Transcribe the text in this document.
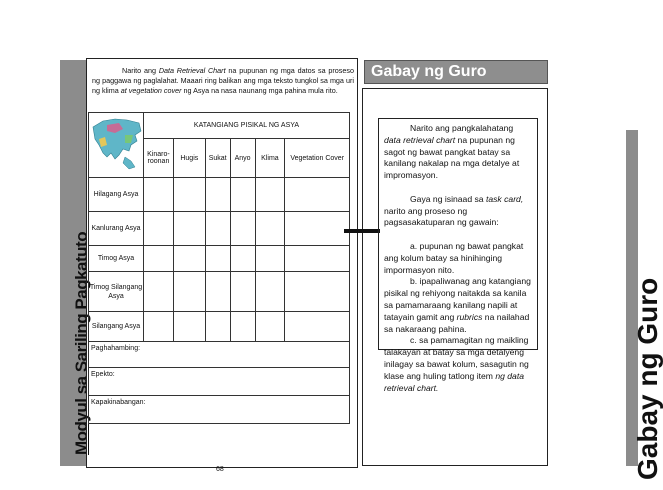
Modyul sa Sariling Pagkatuto
Narito ang Data Retrieval Chart na pupunan ng mga datos sa proseso ng paggawa ng paglalahat. Maaari ring balikan ang mga teksto tungkol sa mga uri ng klima at vegetation cover ng Asya na nasa naunang mga pahina mula rito.
	KATANGIANG PISIKAL NG ASYA					
	Kinaro-roonan	Hugis	Sukat	Anyo	Klima	Vegetation Cover
Hilagang Asya						
Kanlurang Asya						
Timog Asya						
Timog Silangang Asya						
Silangang Asya						
Paghahambing:						
Epekto:						
Kapakinabangan:						
68
Gabay ng Guro

Narito ang pangkalahatang data retrieval chart na pupunan ng sagot ng bawat pangkat batay sa kanilang nakalap na mga detalye at impromasyon.

Gaya ng isinaad sa task card, narito ang proseso ng pagsasakatuparan ng gawain:

a. pupunan ng bawat pangkat ang kolum batay sa hinihinging impormasyon nito.
b. ipapaliwanag ang katangiang pisikal ng rehiyong naitakda sa kanila sa pamamaraang kanilang napili at tatayain gamit ang rubrics na nailahad sa nakaraang pahina.
c. sa pamamagitan ng maikling talakayan at batay sa mga detalyeng inilagay sa bawat kolum, sasagutin ng klase ang huling tatlong item ng data retrieval chart.	Gabay ng Guro
